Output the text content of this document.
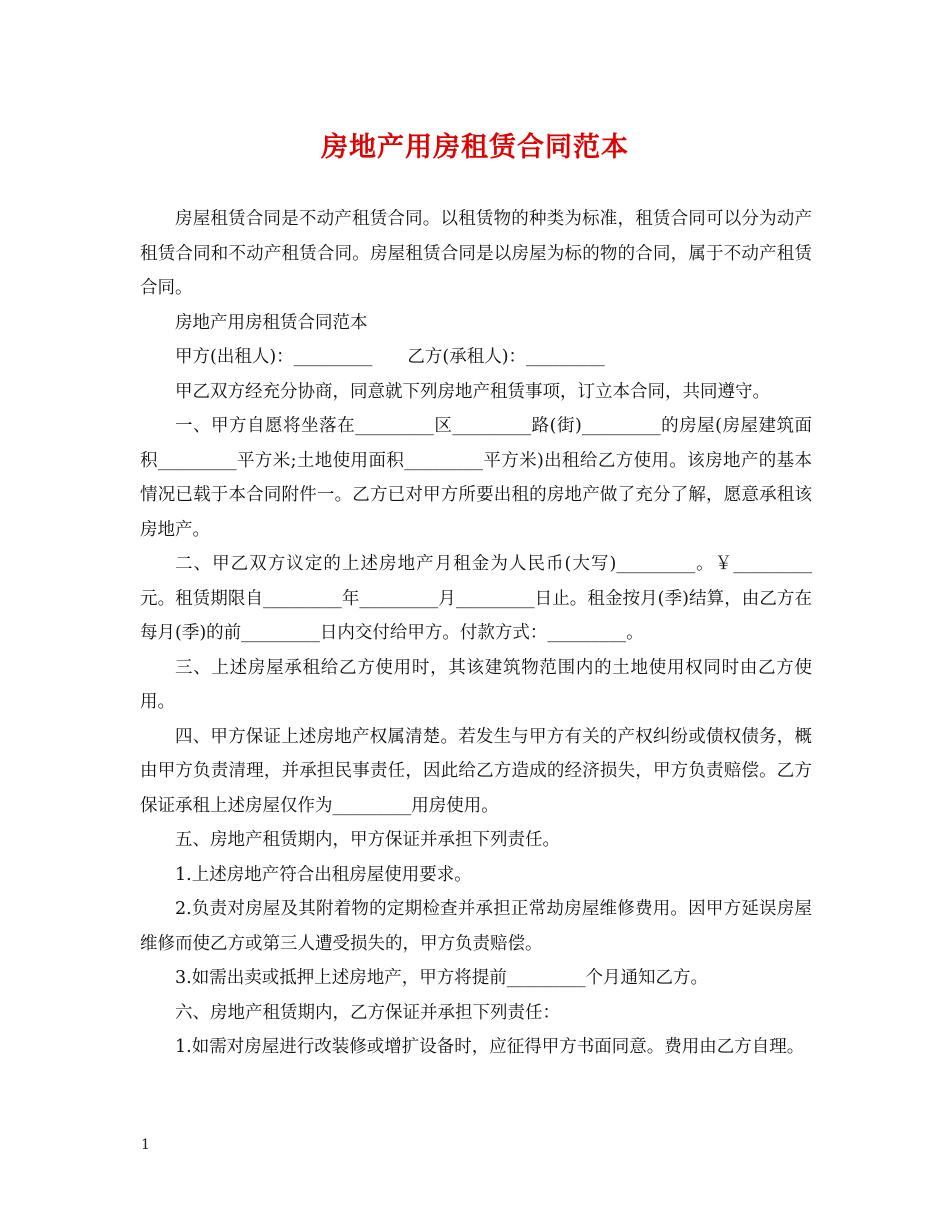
房地产用房租赁合同范本

房屋租赁合同是不动产租赁合同。以租赁物的种类为标准，租赁合同可以分为动产租赁合同和不动产租赁合同。房屋租赁合同是以房屋为标的物的合同，属于不动产租赁合同。

房地产用房租赁合同范本

甲方(出租人)：_________　　乙方(承租人)：_________

甲乙双方经充分协商，同意就下列房地产租赁事项，订立本合同，共同遵守。

一、甲方自愿将坐落在_________区_________路(街)_________的房屋(房屋建筑面积_________平方米;土地使用面积_________平方米)出租给乙方使用。该房地产的基本情况已载于本合同附件一。乙方已对甲方所要出租的房地产做了充分了解，愿意承租该房地产。

二、甲乙双方议定的上述房地产月租金为人民币(大写)_________。￥_________元。租赁期限自_________年_________月_________日止。租金按月(季)结算，由乙方在每月(季)的前_________日内交付给甲方。付款方式：_________。

三、上述房屋承租给乙方使用时，其该建筑物范围内的土地使用权同时由乙方使用。

四、甲方保证上述房地产权属清楚。若发生与甲方有关的产权纠纷或债权债务，概由甲方负责清理，并承担民事责任，因此给乙方造成的经济损失，甲方负责赔偿。乙方保证承租上述房屋仅作为_________用房使用。

五、房地产租赁期内，甲方保证并承担下列责任。

1.上述房地产符合出租房屋使用要求。

2.负责对房屋及其附着物的定期检查并承担正常劫房屋维修费用。因甲方延误房屋维修而使乙方或第三人遭受损失的，甲方负责赔偿。

3.如需出卖或抵押上述房地产，甲方将提前_________个月通知乙方。

六、房地产租赁期内，乙方保证并承担下列责任：

1.如需对房屋进行改装修或增扩设备时，应征得甲方书面同意。费用由乙方自理。

1
